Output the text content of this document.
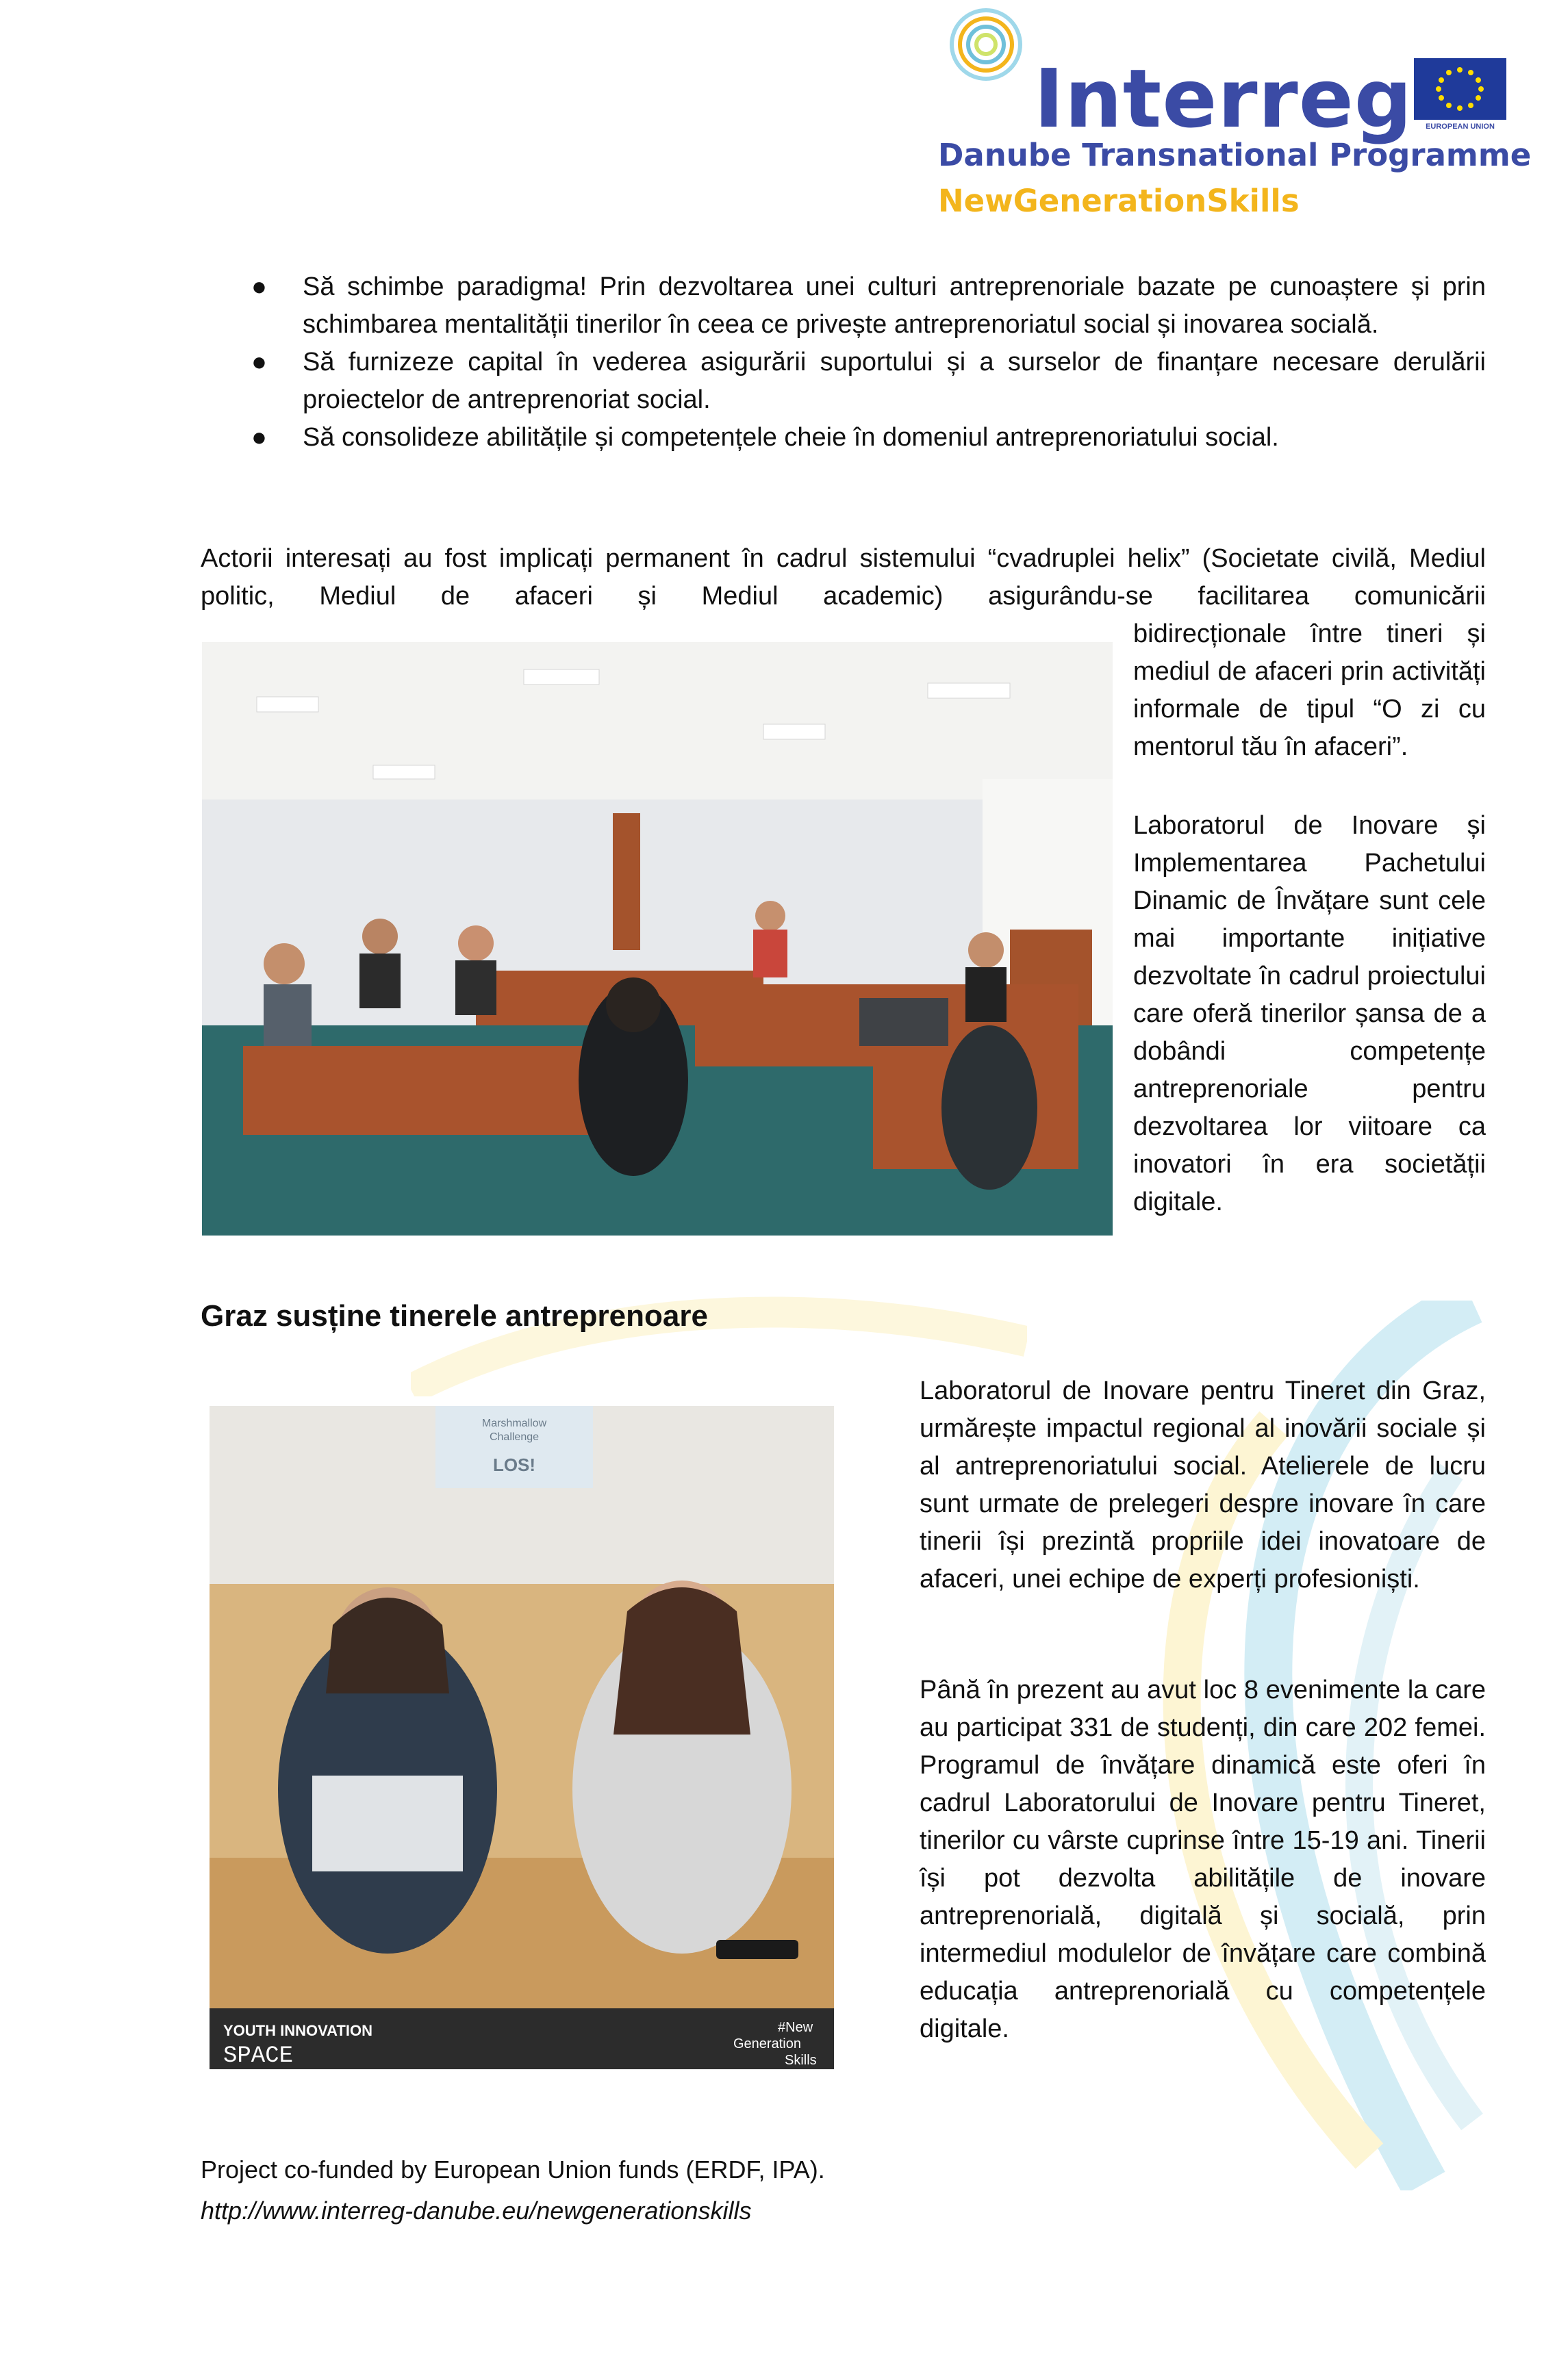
Interreg	EUROPEAN UNION
Danube Transnational Programme
NewGenerationSkills
● Să schimbe paradigma! Prin dezvoltarea unei culturi antreprenoriale bazate pe cunoaștere și prin schimbarea mentalității tinerilor în ceea ce privește antreprenoriatul social și inovarea socială.
● Să furnizeze capital în vederea asigurării suportului și a surselor de finanțare necesare derulării proiectelor de antreprenoriat social.
● Să consolideze abilitățile și competențele cheie în domeniul antreprenoriatului social.
Actorii interesați au fost implicați permanent în cadrul sistemului “cvadruplei helix” (Societate civilă, Mediul politic, Mediul de afaceri și Mediul academic) asigurându-se facilitarea comunicării
bidirecționale între tineri și mediul de afaceri prin activități informale de tipul “O zi cu mentorul tău în afaceri”.
Laboratorul de Inovare și Implementarea Pachetului Dinamic de Învățare sunt cele mai importante inițiative dezvoltate în cadrul proiectului care oferă tinerilor șansa de a dobândi competențe antreprenoriale pentru dezvoltarea lor viitoare ca inovatori în era societății digitale.
Graz susține tinerele antreprenoare
Marshmallow
Challenge
LOS!
YOUTH INNOVATION
SPACE
#New
Generation
Skills
Laboratorul de Inovare pentru Tineret din Graz, urmărește impactul regional al inovării sociale și al antreprenoriatului social. Atelierele de lucru sunt urmate de prelegeri despre inovare în care tinerii își prezintă propriile idei inovatoare de afaceri, unei echipe de experți profesioniști.
Până în prezent au avut loc 8 evenimente la care au participat 331 de studenți, din care 202 femei. Programul de învățare dinamică este oferi în cadrul Laboratorului de Inovare pentru Tineret, tinerilor cu vârste cuprinse între 15-19 ani. Tinerii își pot dezvolta abilitățile de inovare antreprenorială, digitală și socială, prin intermediul modulelor de învățare care combină educația antreprenorială cu competențele digitale.
Project co-funded by European Union funds (ERDF, IPA).
http://www.interreg-danube.eu/newgenerationskills
